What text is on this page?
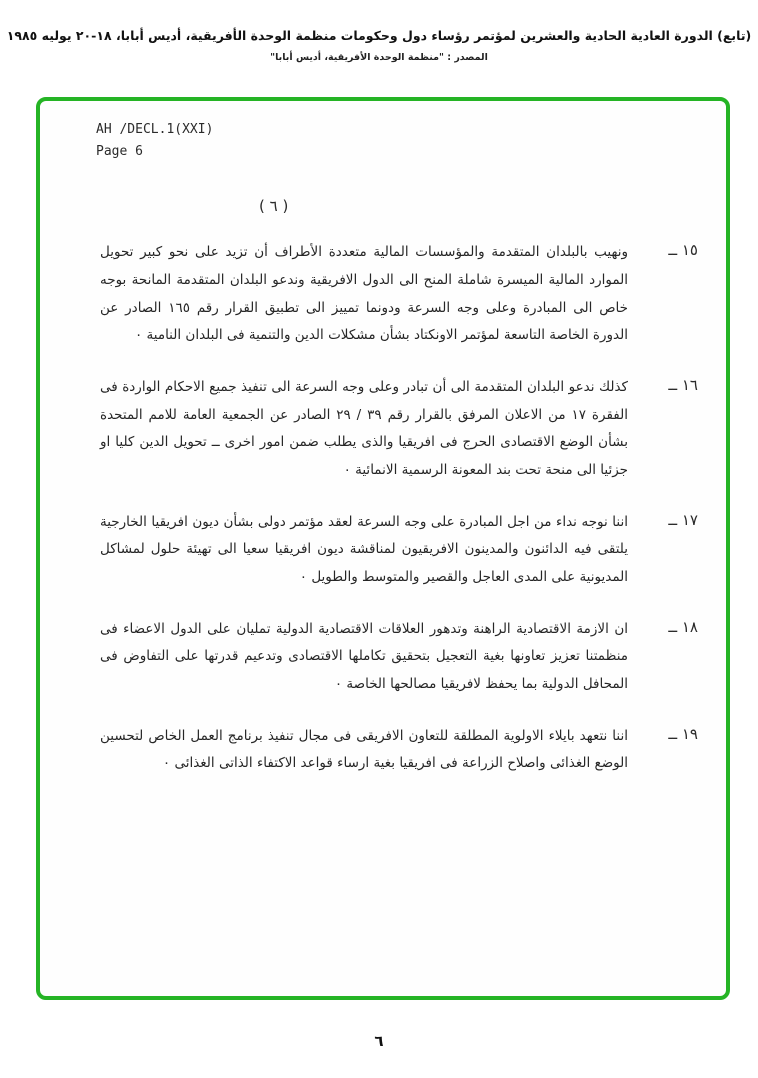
(تابع) الدورة العادية الحادية والعشرين لمؤتمر رؤساء دول وحكومات منظمة الوحدة الأفريقية، أديس أبابا، ١٨-٢٠ يوليه ١٩٨٥
المصدر : "منظمة الوحدة الأفريقية، أديس أبابا"
AH /DECL.1(XXI)
Page 6
( ٦ )
١٥ ــ

ونهيب بالبلدان المتقدمة والمؤسسات المالية متعددة الأطراف أن تزيد على نحو كبير تحويل الموارد المالية الميسرة شاملة المنح الى الدول الافريقية وندعو البلدان المتقدمة المانحة بوجه خاص الى المبادرة وعلى وجه السرعة ودونما تمييز الى تطبيق القرار رقم ١٦٥ الصادر عن الدورة الخاصة التاسعة لمؤتمر الاونكتاد بشأن مشكلات الدين والتنمية فى البلدان النامية ٠

١٦ ــ

كذلك ندعو البلدان المتقدمة الى أن تبادر وعلى وجه السرعة الى تنفيذ جميع الاحكام الواردة فى الفقرة ١٧ من الاعلان المرفق بالقرار رقم ٣٩ / ٢٩ الصادر عن الجمعية العامة للامم المتحدة بشأن الوضع الاقتصادى الحرج فى افريقيا والذى يطلب ضمن امور اخرى ــ تحويل الدين كليا او جزئيا الى منحة تحت بند المعونة الرسمية الانمائية ٠

١٧ ــ

اننا نوجه نداء من اجل المبادرة على وجه السرعة لعقد مؤتمر دولى بشأن ديون افريقيا الخارجية يلتقى فيه الدائنون والمدينون الافريقيون لمناقشة ديون افريقيا سعيا الى تهيئة حلول لمشاكل المديونية على المدى العاجل والقصير والمتوسط والطويل ٠

١٨ ــ

ان الازمة الاقتصادية الراهنة وتدهور العلاقات الاقتصادية الدولية تمليان على الدول الاعضاء فى منظمتنا تعزيز تعاونها بغية التعجيل بتحقيق تكاملها الاقتصادى وتدعيم قدرتها على التفاوض فى المحافل الدولية بما يحفظ لافريقيا مصالحها الخاصة ٠

١٩ ــ

اننا نتعهد بايلاء الاولوية المطلقة للتعاون الافريقى فى مجال تنفيذ برنامج العمل الخاص لتحسين الوضع الغذائى واصلاح الزراعة فى افريقيا بغية ارساء قواعد الاكتفاء الذاتى الغذائى ٠

٦
